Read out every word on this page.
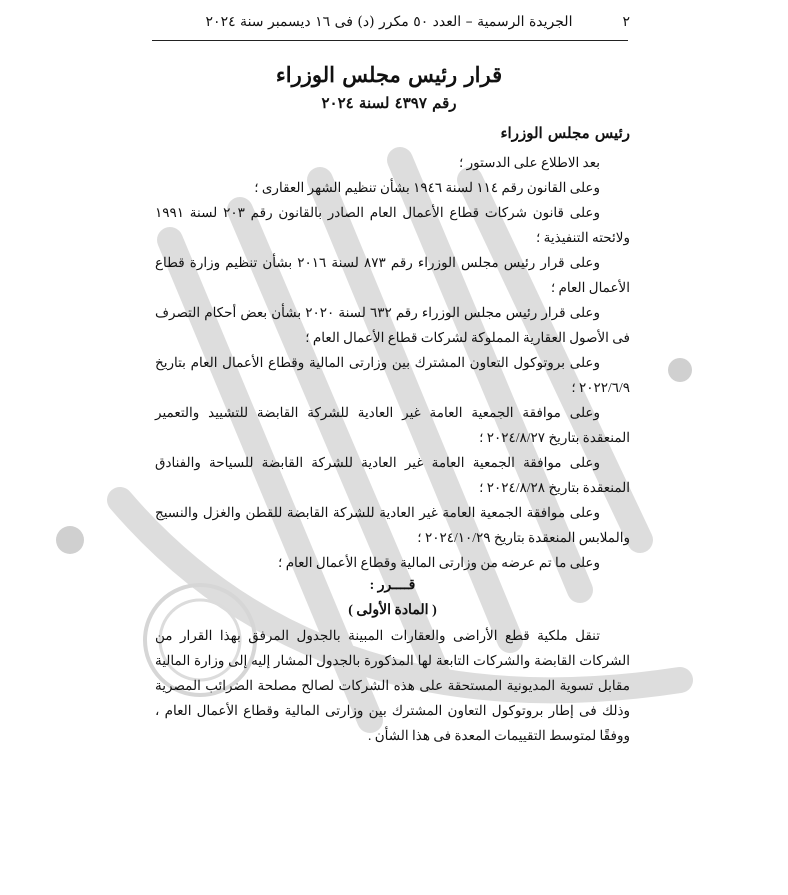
الجريدة الرسمية – العدد ٥٠ مكرر (د) فى ١٦ ديسمبر سنة ٢٠٢٤	٢
قرار رئيس مجلس الوزراء
رقم ٤٣٩٧ لسنة ٢٠٢٤
رئيس مجلس الوزراء

بعد الاطلاع على الدستور ؛

وعلى القانون رقم ١١٤ لسنة ١٩٤٦ بشأن تنظيم الشهر العقارى ؛

وعلى قانون شركات قطاع الأعمال العام الصادر بالقانون رقم ٢٠٣ لسنة ١٩٩١ ولائحته التنفيذية ؛

وعلى قرار رئيس مجلس الوزراء رقم ٨٧٣ لسنة ٢٠١٦ بشأن تنظيم وزارة قطاع الأعمال العام ؛

وعلى قرار رئيس مجلس الوزراء رقم ٦٣٢ لسنة ٢٠٢٠ بشأن بعض أحكام التصرف فى الأصول العقارية المملوكة لشركات قطاع الأعمال العام ؛

وعلى بروتوكول التعاون المشترك بين وزارتى المالية وقطاع الأعمال العام بتاريخ ٢٠٢٢/٦/٩ ؛

وعلى موافقة الجمعية العامة غير العادية للشركة القابضة للتشييد والتعمير المنعقدة بتاريخ ٢٠٢٤/٨/٢٧ ؛

وعلى موافقة الجمعية العامة غير العادية للشركة القابضة للسياحة والفنادق المنعقدة بتاريخ ٢٠٢٤/٨/٢٨ ؛

وعلى موافقة الجمعية العامة غير العادية للشركة القابضة للقطن والغزل والنسيج والملابس المنعقدة بتاريخ ٢٠٢٤/١٠/٢٩ ؛

وعلى ما تم عرضه من وزارتى المالية وقطاع الأعمال العام ؛

قــــرر :
( المادة الأولى )

تنقل ملكية قطع الأراضى والعقارات المبينة بالجدول المرفق بهذا القرار من الشركات القابضة والشركات التابعة لها المذكورة بالجدول المشار إليه إلى وزارة المالية مقابل تسوية المديونية المستحقة على هذه الشركات لصالح مصلحة الضرائب المصرية وذلك فى إطار بروتوكول التعاون المشترك بين وزارتى المالية وقطاع الأعمال العام ، ووفقًا لمتوسط التقييمات المعدة فى هذا الشأن .
